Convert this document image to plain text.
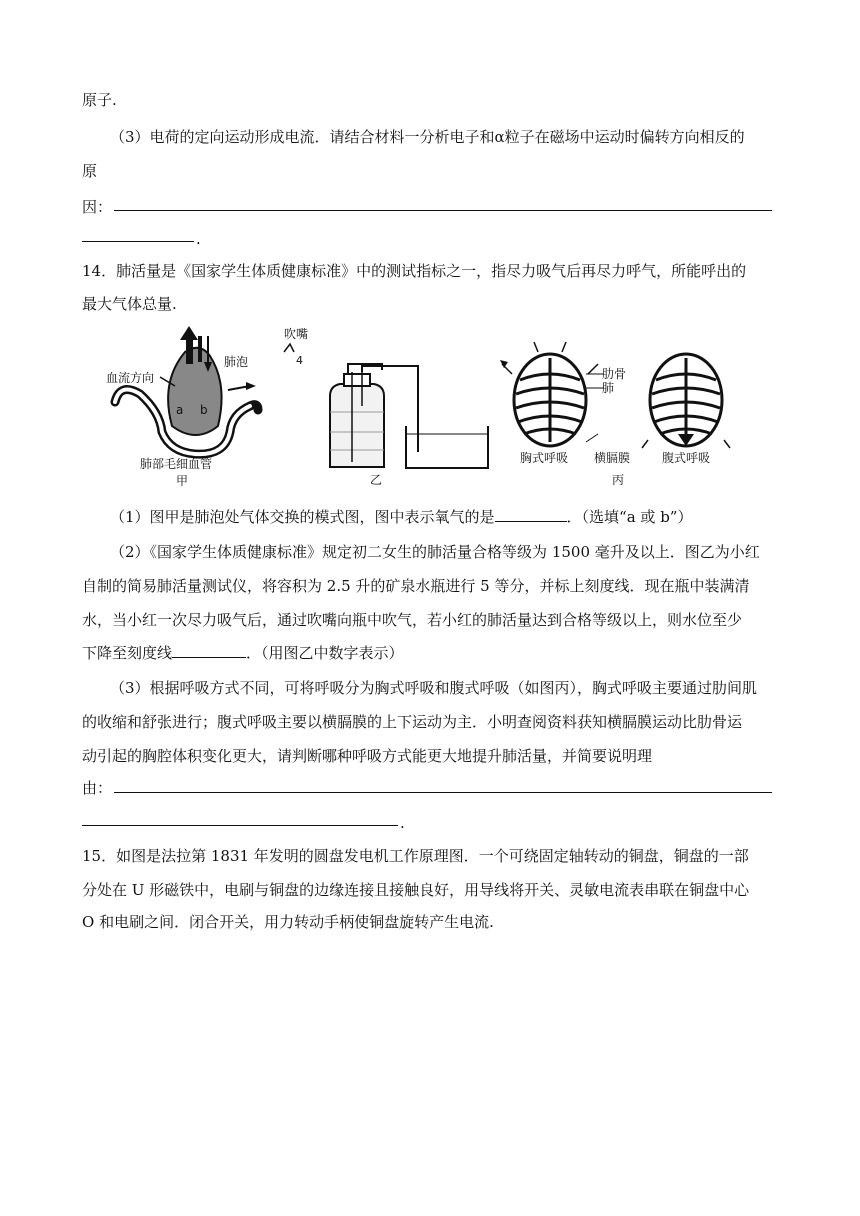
原子.
（3）电荷的定向运动形成电流．请结合材料一分析电子和α粒子在磁场中运动时偏转方向相反的
原
因：
.
14．肺活量是《国家学生体质健康标准》中的测试指标之一，指尽力吸气后再尽力呼气，所能呼出的
最大气体总量.
血流方向
肺泡
a b
肺部毛细血管
甲
吹嘴
4
乙
肋骨
肺
横膈膜
胸式呼吸	腹式呼吸
丙
（1）图甲是肺泡处气体交换的模式图，图中表示氧气的是	．（选填“a 或 b”）
（2）《国家学生体质健康标准》规定初二女生的肺活量合格等级为 1500 毫升及以上．图乙为小红
自制的简易肺活量测试仪，将容积为 2.5 升的矿泉水瓶进行 5 等分，并标上刻度线．现在瓶中装满清
水，当小红一次尽力吸气后，通过吹嘴向瓶中吹气，若小红的肺活量达到合格等级以上，则水位至少
下降至刻度线	．（用图乙中数字表示）
（3）根据呼吸方式不同，可将呼吸分为胸式呼吸和腹式呼吸（如图丙），胸式呼吸主要通过肋间肌
的收缩和舒张进行；腹式呼吸主要以横膈膜的上下运动为主．小明查阅资料获知横膈膜运动比肋骨运
动引起的胸腔体积变化更大，请判断哪种呼吸方式能更大地提升肺活量，并简要说明理
由：
.
15．如图是法拉第 1831 年发明的圆盘发电机工作原理图．一个可绕固定轴转动的铜盘，铜盘的一部
分处在 U 形磁铁中，电刷与铜盘的边缘连接且接触良好，用导线将开关、灵敏电流表串联在铜盘中心
O 和电刷之间．闭合开关，用力转动手柄使铜盘旋转产生电流.
